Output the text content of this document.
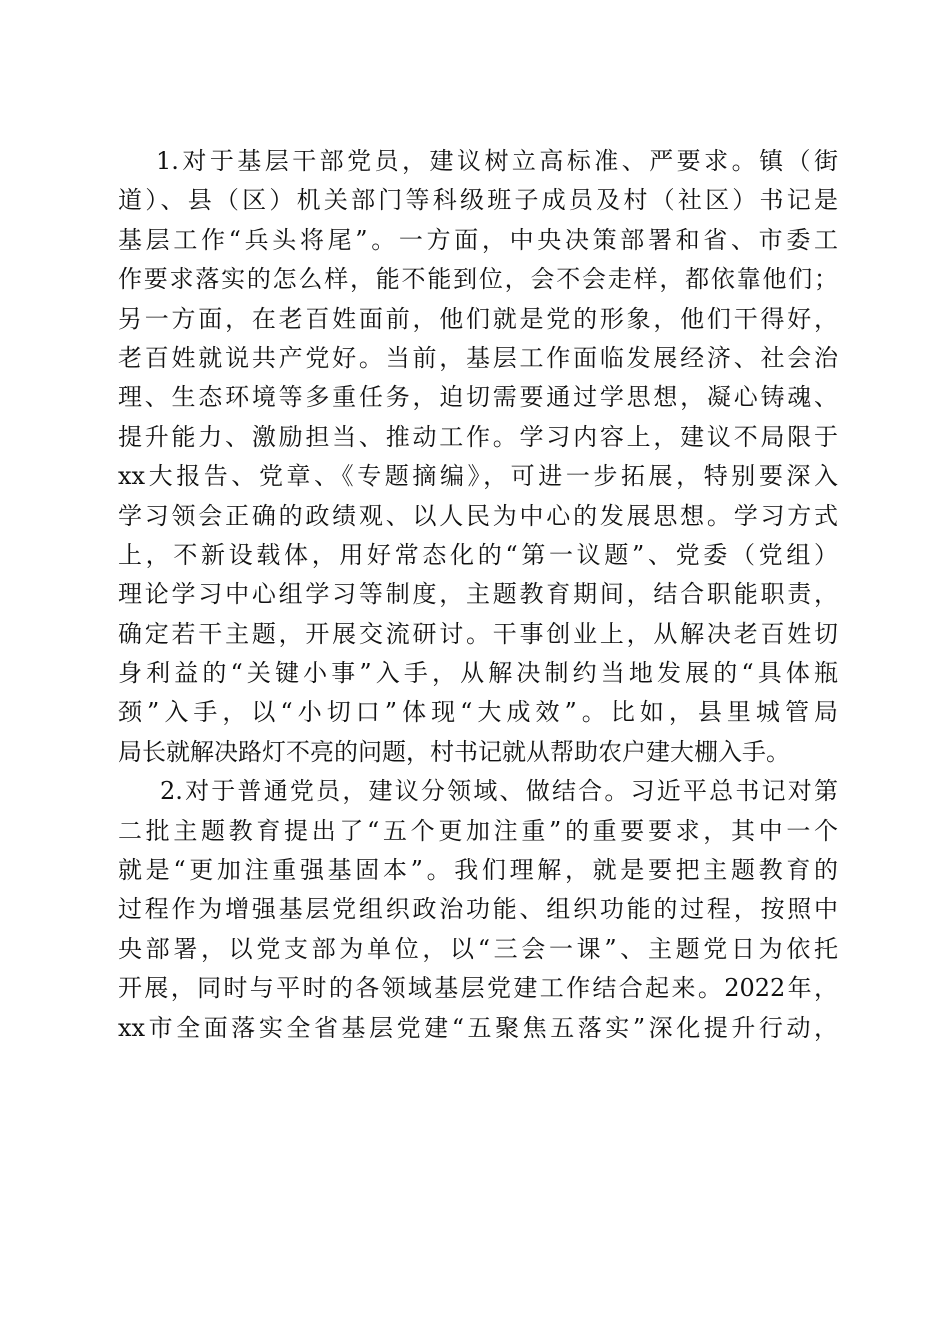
1.对于基层干部党员，建议树立高标准、严要求。镇（街
道）、县（区）机关部门等科级班子成员及村（社区）书记是
基层工作“兵头将尾”。一方面，中央决策部署和省、市委工
作要求落实的怎么样，能不能到位，会不会走样，都依靠他们；
另一方面，在老百姓面前，他们就是党的形象，他们干得好，
老百姓就说共产党好。当前，基层工作面临发展经济、社会治
理、生态环境等多重任务，迫切需要通过学思想，凝心铸魂、
提升能力、激励担当、推动工作。学习内容上，建议不局限于
xx大报告、党章、《专题摘编》，可进一步拓展，特别要深入
学习领会正确的政绩观、以人民为中心的发展思想。学习方式
上，不新设载体，用好常态化的“第一议题”、党委（党组）
理论学习中心组学习等制度，主题教育期间，结合职能职责，
确定若干主题，开展交流研讨。干事创业上，从解决老百姓切
身利益的“关键小事”入手，从解决制约当地发展的“具体瓶
颈”入手，以“小切口”体现“大成效”。比如，县里城管局
局长就解决路灯不亮的问题，村书记就从帮助农户建大棚入手。
2.对于普通党员，建议分领域、做结合。习近平总书记对第
二批主题教育提出了“五个更加注重”的重要要求，其中一个
就是“更加注重强基固本”。我们理解，就是要把主题教育的
过程作为增强基层党组织政治功能、组织功能的过程，按照中
央部署，以党支部为单位，以“三会一课”、主题党日为依托
开展，同时与平时的各领域基层党建工作结合起来。2022年，
xx市全面落实全省基层党建“五聚焦五落实”深化提升行动，
